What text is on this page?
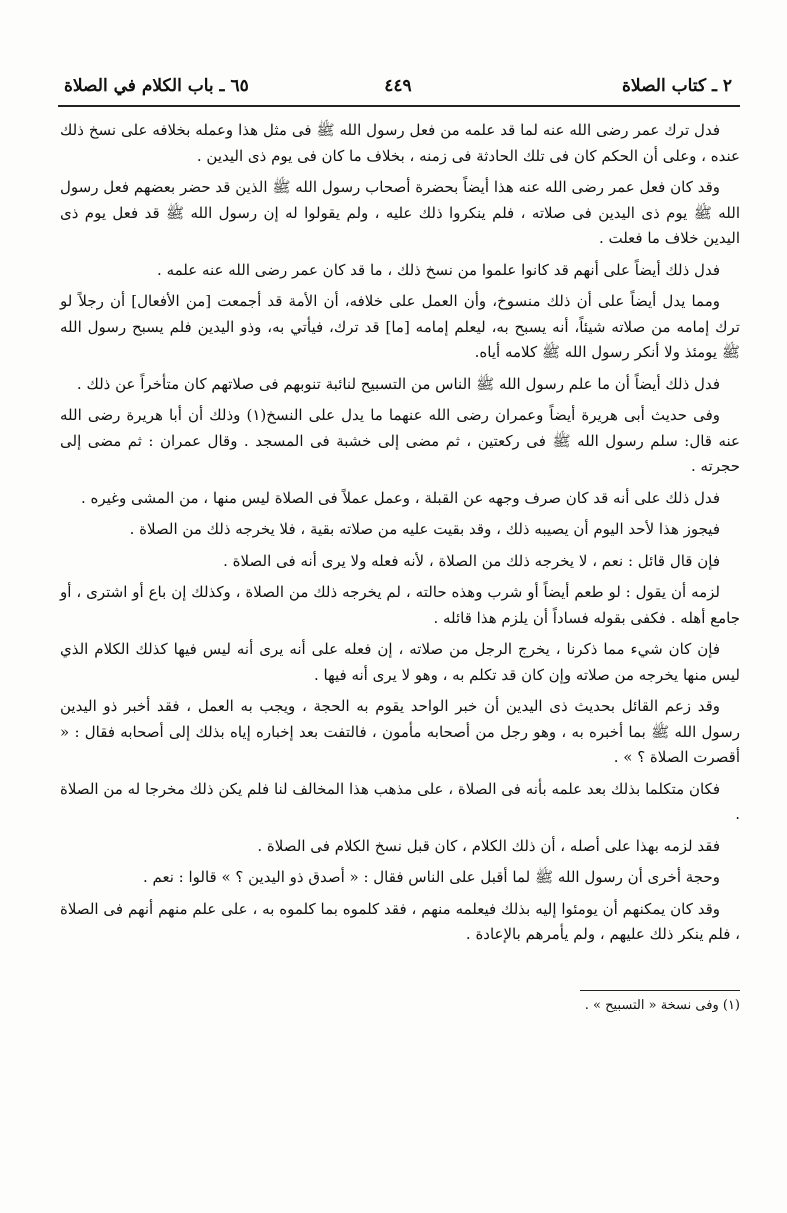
٢ ـ كتاب الصلاة
٤٤٩
٦٥ ـ باب الكلام في الصلاة

فدل ترك عمر رضى الله عنه لما قد علمه من فعل رسول الله ﷺ فى مثل هذا وعمله بخلافه على نسخ ذلك عنده ، وعلى أن الحكم كان فى تلك الحادثة فى زمنه ، بخلاف ما كان فى يوم ذى اليدين .

وقد كان فعل عمر رضى الله عنه هذا أيضاً بحضرة أصحاب رسول الله ﷺ الذين قد حضر بعضهم فعل رسول الله ﷺ يوم ذى اليدين فى صلاته ، فلم ينكروا ذلك عليه ، ولم يقولوا له إن رسول الله ﷺ قد فعل يوم ذى اليدين خلاف ما فعلت .

فدل ذلك أيضاً على أنهم قد كانوا علموا من نسخ ذلك ، ما قد كان عمر رضى الله عنه علمه .

ومما يدل أيضاً على أن ذلك منسوخ، وأن العمل على خلافه، أن الأمة قد أجمعت [من الأفعال] أن رجلاً لو ترك إمامه من صلاته شيئاً، أنه يسبح به، ليعلم إمامه [ما] قد ترك، فيأتي به، وذو اليدين فلم يسبح رسول الله ﷺ يومئذ ولا أنكر رسول الله ﷺ كلامه أياه.

فدل ذلك أيضاً أن ما علم رسول الله ﷺ الناس من التسبيح لنائبة تنوبهم فى صلاتهم كان متأخراً عن ذلك .

وفى حديث أبى هريرة أيضاً وعمران رضى الله عنهما ما يدل على النسخ(١) وذلك أن أبا هريرة رضى الله عنه قال: سلم رسول الله ﷺ فى ركعتين ، ثم مضى إلى خشبة فى المسجد . وقال عمران : ثم مضى إلى حجرته .

فدل ذلك على أنه قد كان صرف وجهه عن القبلة ، وعمل عملاً فى الصلاة ليس منها ، من المشى وغيره .

فيجوز هذا لأحد اليوم أن يصيبه ذلك ، وقد بقيت عليه من صلاته بقية ، فلا يخرجه ذلك من الصلاة .

فإن قال قائل : نعم ، لا يخرجه ذلك من الصلاة ، لأنه فعله ولا يرى أنه فى الصلاة .

لزمه أن يقول : لو طعم أيضاً أو شرب وهذه حالته ، لم يخرجه ذلك من الصلاة ، وكذلك إن باع أو اشترى ، أو جامع أهله . فكفى بقوله فساداً أن يلزم هذا قائله .

فإن كان شيء مما ذكرنا ، يخرج الرجل من صلاته ، إن فعله على أنه يرى أنه ليس فيها كذلك الكلام الذي ليس منها يخرجه من صلاته وإن كان قد تكلم به ، وهو لا يرى أنه فيها .

وقد زعم القائل بحديث ذى اليدين أن خبر الواحد يقوم به الحجة ، ويجب به العمل ، فقد أخبر ذو اليدين رسول الله ﷺ بما أخبره به ، وهو رجل من أصحابه مأمون ، فالتفت بعد إخباره إياه بذلك إلى أصحابه فقال : « أقصرت الصلاة ؟ » .

فكان متكلما بذلك بعد علمه بأنه فى الصلاة ، على مذهب هذا المخالف لنا فلم يكن ذلك مخرجا له من الصلاة .

فقد لزمه بهذا على أصله ، أن ذلك الكلام ، كان قبل نسخ الكلام فى الصلاة .

وحجة أخرى أن رسول الله ﷺ لما أقبل على الناس فقال : « أصدق ذو اليدين ؟ » قالوا : نعم .

وقد كان يمكنهم أن يومئوا إليه بذلك فيعلمه منهم ، فقد كلموه بما كلموه به ، على علم منهم أنهم فى الصلاة ، فلم ينكر ذلك عليهم ، ولم يأمرهم بالإعادة .

(١) وفى نسخة « التسبيح » .
